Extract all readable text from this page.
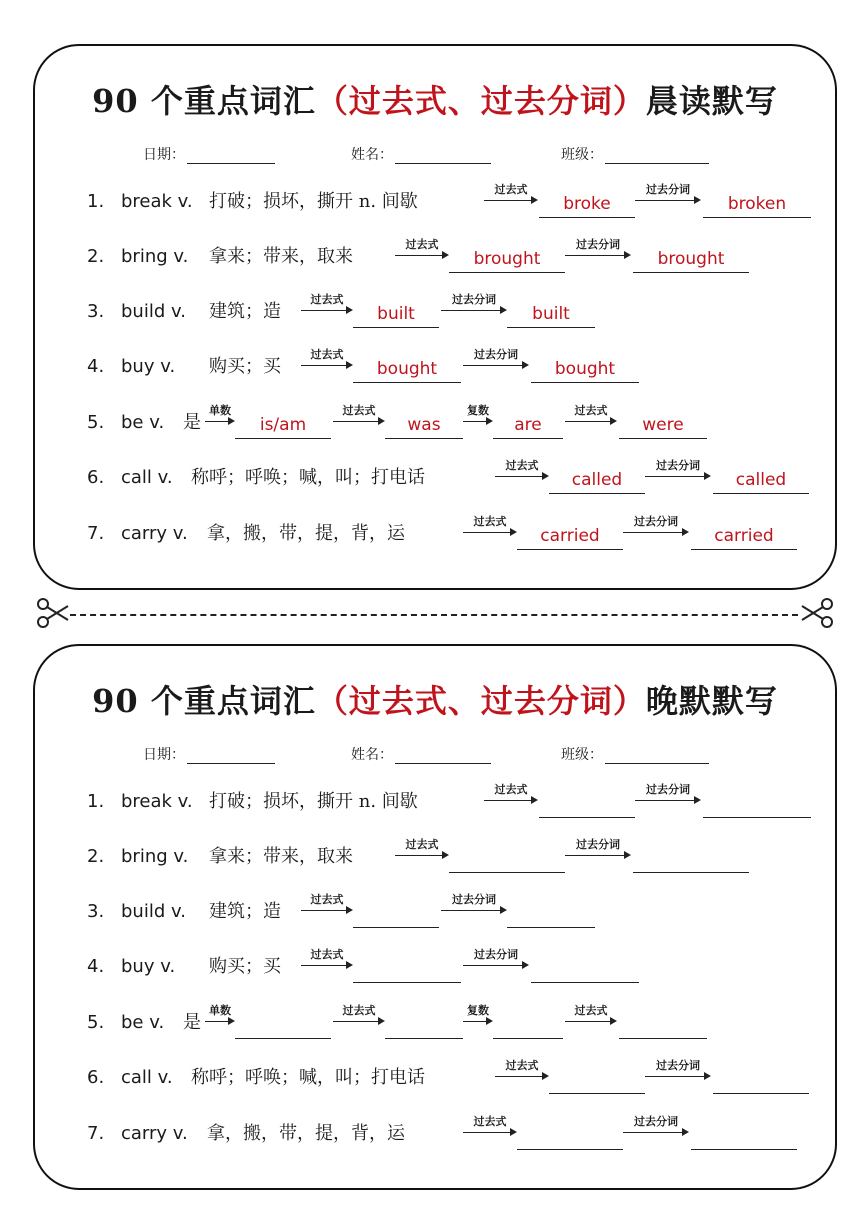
90 个重点词汇（过去式、过去分词）晨读默写
日期：	姓名：	班级：
1. break v. 打破；损坏，撕开 n. 间歇
过去式
broke
过去分词
broken
2. bring v. 拿来；带来，取来
过去式
brought
过去分词
brought
3. build v. 建筑；造
过去式
built
过去分词
built
4. buy v. 购买；买
过去式
bought
过去分词
bought
5. be v. 是
单数
is/am
过去式
was
复数
are
过去式
were
6. call v. 称呼；呼唤；喊，叫；打电话
过去式
called
过去分词
called
7. carry v. 拿，搬，带，提，背，运
过去式
carried
过去分词
carried
90 个重点词汇（过去式、过去分词）晚默默写
日期：	姓名：	班级：
1. break v. 打破；损坏，撕开 n. 间歇
过去式	过去分词
2. bring v. 拿来；带来，取来
过去式	过去分词
3. build v. 建筑；造
过去式	过去分词
4. buy v. 购买；买
过去式	过去分词
5. be v. 是
单数	过去式	复数	过去式
6. call v. 称呼；呼唤；喊，叫；打电话
过去式	过去分词
7. carry v. 拿，搬，带，提，背，运
过去式	过去分词
